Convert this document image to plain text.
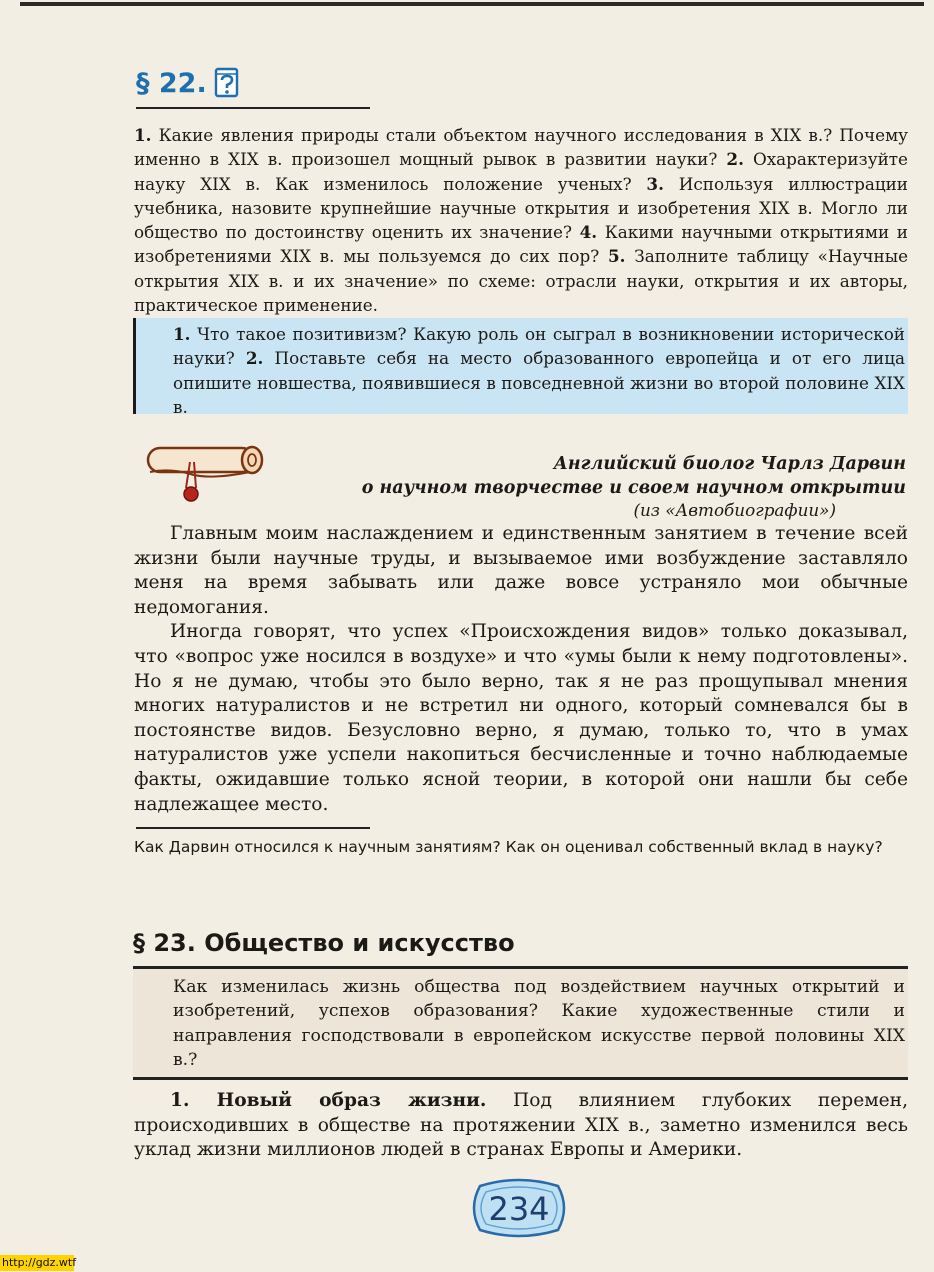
§ 22.
1. Какие явления природы стали объектом научного исследования в XIX в.? Почему именно в XIX в. произошел мощный рывок в развитии науки? 2. Охарактеризуйте науку XIX в. Как изменилось положение ученых? 3. Используя иллюстрации учебника, назовите крупнейшие научные открытия и изобретения XIX в. Могло ли общество по достоинству оценить их значение? 4. Какими научными открытиями и изобретениями XIX в. мы пользуемся до сих пор? 5. Заполните таблицу «Научные открытия XIX в. и их значение» по схеме: отрасли науки, открытия и их авторы, практическое применение.
1. Что такое позитивизм? Какую роль он сыграл в возникновении исторической науки? 2. Поставьте себя на место образованного европейца и от его лица опишите новшества, появившиеся в повседневной жизни во второй половине XIX в.
Английский биолог Чарлз Дарвин
о научном творчестве и своем научном открытии
(из «Автобиографии»)

Главным моим наслаждением и единственным занятием в течение всей жизни были научные труды, и вызываемое ими возбуждение заставляло меня на время забывать или даже вовсе устраняло мои обычные недомогания.

Иногда говорят, что успех «Происхождения видов» только доказывал, что «вопрос уже носился в воздухе» и что «умы были к нему подготовлены». Но я не думаю, чтобы это было верно, так я не раз прощупывал мнения многих натуралистов и не встретил ни одного, который сомневался бы в постоянстве видов. Безусловно верно, я думаю, только то, что в умах натуралистов уже успели накопиться бесчисленные и точно наблюдаемые факты, ожидавшие только ясной теории, в которой они нашли бы себе надлежащее место.

Как Дарвин относился к научным занятиям? Как он оценивал собственный вклад в науку?
§ 23. Общество и искусство
Как изменилась жизнь общества под воздействием научных открытий и изобретений, успехов образования? Какие художественные стили и направления господствовали в европейском искусстве первой половины XIX в.?
1. Новый образ жизни. Под влиянием глубоких перемен, происходивших в обществе на протяжении XIX в., заметно изменился весь уклад жизни миллионов людей в странах Европы и Америки.
234
http://gdz.wtf
